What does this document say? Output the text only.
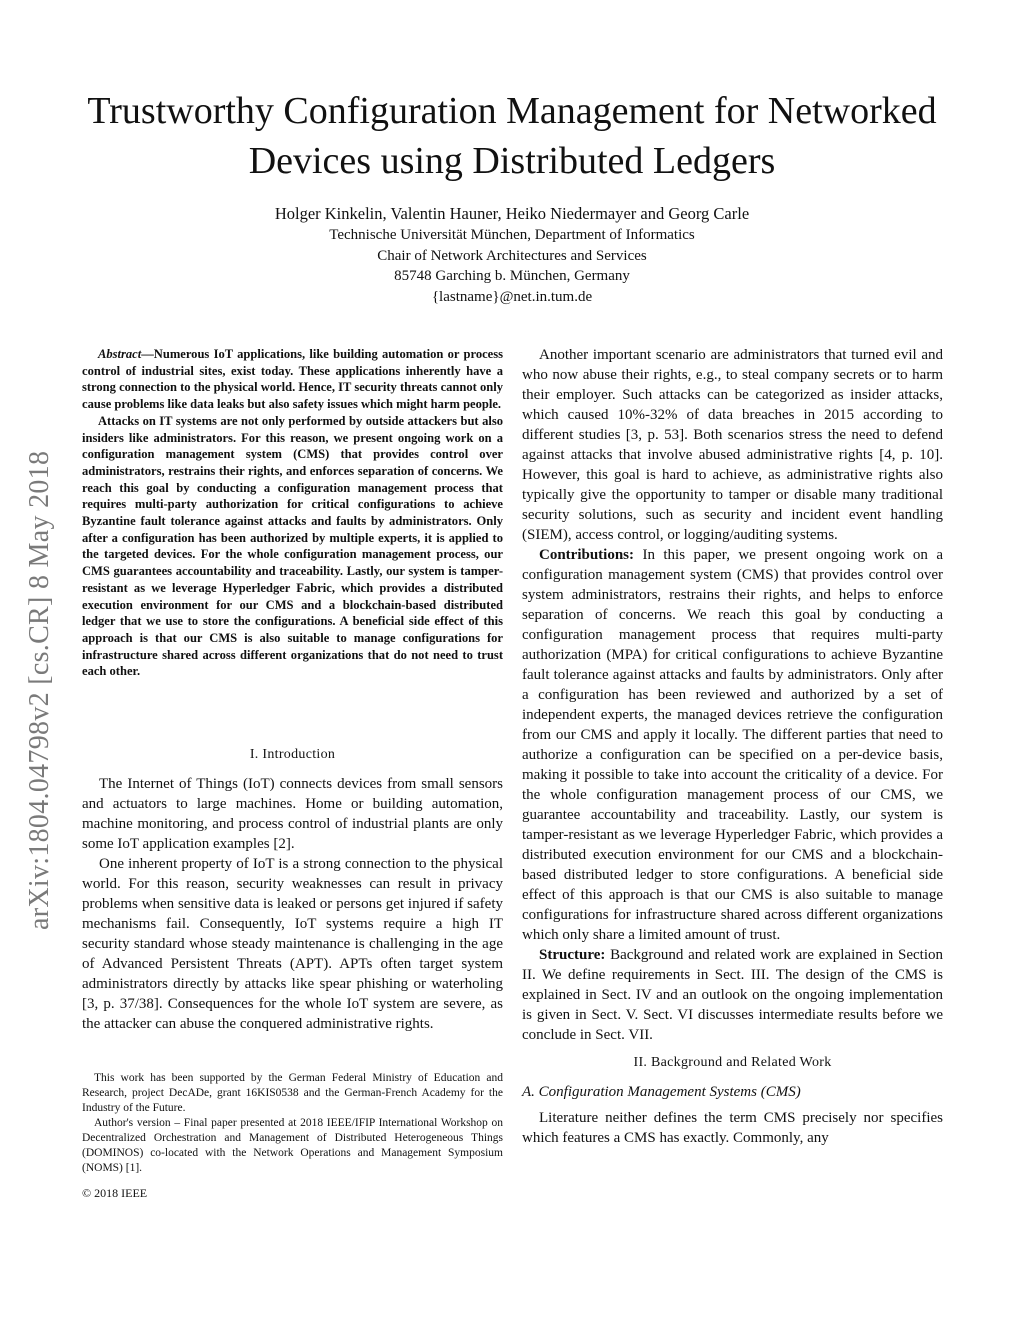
Trustworthy Configuration Management for Networked Devices using Distributed Ledgers
Holger Kinkelin, Valentin Hauner, Heiko Niedermayer and Georg Carle
Technische Universität München, Department of Informatics
Chair of Network Architectures and Services
85748 Garching b. München, Germany
{lastname}@net.in.tum.de
arXiv:1804.04798v2 [cs.CR] 8 May 2018

Abstract—Numerous IoT applications, like building automation or process control of industrial sites, exist today. These applications inherently have a strong connection to the physical world. Hence, IT security threats cannot only cause problems like data leaks but also safety issues which might harm people.

Attacks on IT systems are not only performed by outside attackers but also insiders like administrators. For this reason, we present ongoing work on a configuration management system (CMS) that provides control over administrators, restrains their rights, and enforces separation of concerns. We reach this goal by conducting a configuration management process that requires multi-party authorization for critical configurations to achieve Byzantine fault tolerance against attacks and faults by administrators. Only after a configuration has been authorized by multiple experts, it is applied to the targeted devices. For the whole configuration management process, our CMS guarantees accountability and traceability. Lastly, our system is tamper-resistant as we leverage Hyperledger Fabric, which provides a distributed execution environment for our CMS and a blockchain-based distributed ledger that we use to store the configurations. A beneficial side effect of this approach is that our CMS is also suitable to manage configurations for infrastructure shared across different organizations that do not need to trust each other.

I. Introduction

The Internet of Things (IoT) connects devices from small sensors and actuators to large machines. Home or building automation, machine monitoring, and process control of industrial plants are only some IoT application examples [2].

One inherent property of IoT is a strong connection to the physical world. For this reason, security weaknesses can result in privacy problems when sensitive data is leaked or persons get injured if safety mechanisms fail. Consequently, IoT systems require a high IT security standard whose steady maintenance is challenging in the age of Advanced Persistent Threats (APT). APTs often target system administrators directly by attacks like spear phishing or waterholing [3, p. 37/38]. Consequences for the whole IoT system are severe, as the attacker can abuse the conquered administrative rights.

This work has been supported by the German Federal Ministry of Education and Research, project DecADe, grant 16KIS0538 and the German-French Academy for the Industry of the Future.

Author's version – Final paper presented at 2018 IEEE/IFIP International Workshop on Decentralized Orchestration and Management of Distributed Heterogeneous Things (DOMINOS) co-located with the Network Operations and Management Symposium (NOMS) [1].

© 2018 IEEE

Another important scenario are administrators that turned evil and who now abuse their rights, e.g., to steal company secrets or to harm their employer. Such attacks can be categorized as insider attacks, which caused 10%-32% of data breaches in 2015 according to different studies [3, p. 53]. Both scenarios stress the need to defend against attacks that involve abused administrative rights [4, p. 10]. However, this goal is hard to achieve, as administrative rights also typically give the opportunity to tamper or disable many traditional security solutions, such as security and incident event handling (SIEM), access control, or logging/auditing systems.

Contributions: In this paper, we present ongoing work on a configuration management system (CMS) that provides control over system administrators, restrains their rights, and helps to enforce separation of concerns. We reach this goal by conducting a configuration management process that requires multi-party authorization (MPA) for critical configurations to achieve Byzantine fault tolerance against attacks and faults by administrators. Only after a configuration has been reviewed and authorized by a set of independent experts, the managed devices retrieve the configuration from our CMS and apply it locally. The different parties that need to authorize a configuration can be specified on a per-device basis, making it possible to take into account the criticality of a device. For the whole configuration management process of our CMS, we guarantee accountability and traceability. Lastly, our system is tamper-resistant as we leverage Hyperledger Fabric, which provides a distributed execution environment for our CMS and a blockchain-based distributed ledger to store configurations. A beneficial side effect of this approach is that our CMS is also suitable to manage configurations for infrastructure shared across different organizations which only share a limited amount of trust.

Structure: Background and related work are explained in Section II. We define requirements in Sect. III. The design of the CMS is explained in Sect. IV and an outlook on the ongoing implementation is given in Sect. V. Sect. VI discusses intermediate results before we conclude in Sect. VII.

II. Background and Related Work

A. Configuration Management Systems (CMS)

Literature neither defines the term CMS precisely nor specifies which features a CMS has exactly. Commonly, any
